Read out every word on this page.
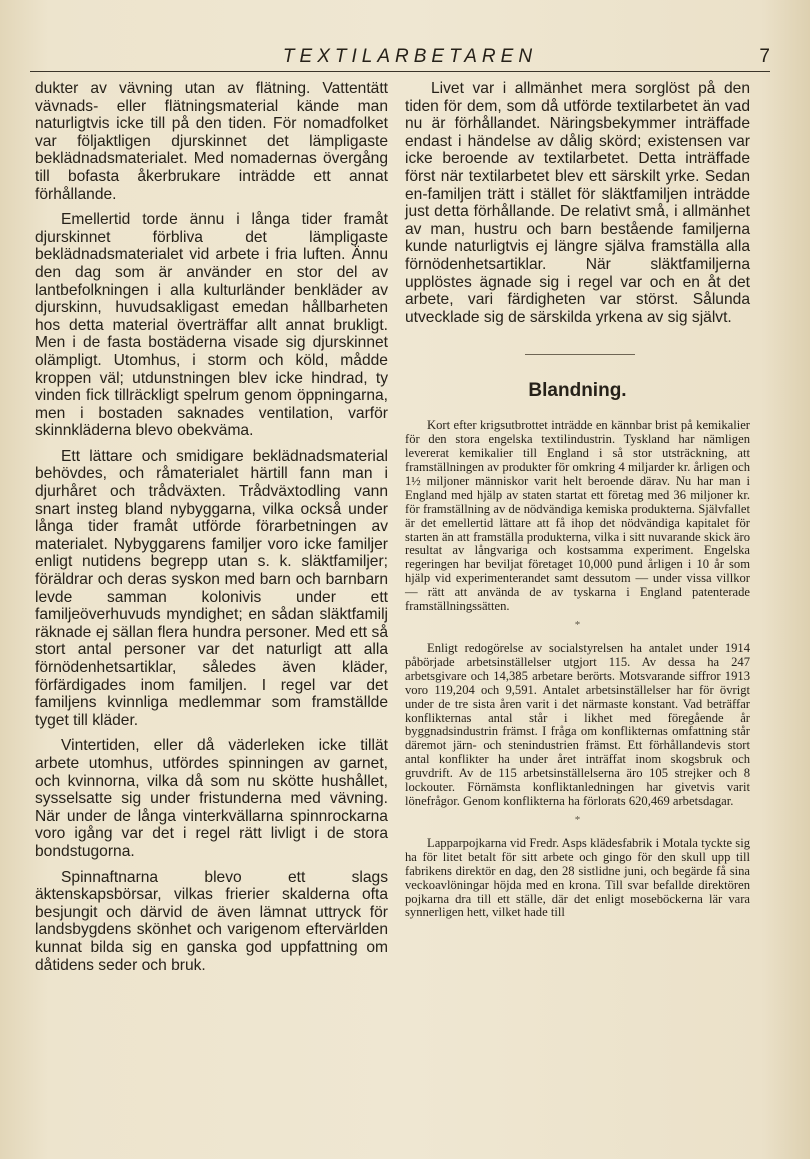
TEXTILARBETAREN	7

dukter av vävning utan av flätning. Vattentätt vävnads- eller flätningsmaterial kände man naturligtvis icke till på den tiden. För nomadfolket var följaktligen djurskinnet det lämpligaste beklädnadsmaterialet. Med nomadernas övergång till bofasta åkerbrukare inträdde ett annat förhållande.

Emellertid torde ännu i långa tider framåt djurskinnet förbliva det lämpligaste beklädnadsmaterialet vid arbete i fria luften. Ännu den dag som är använder en stor del av lantbefolkningen i alla kulturländer benkläder av djurskinn, huvudsakligast emedan hållbarheten hos detta material överträffar allt annat brukligt. Men i de fasta bostäderna visade sig djurskinnet olämpligt. Utomhus, i storm och köld, mådde kroppen väl; utdunstningen blev icke hindrad, ty vinden fick tillräckligt spelrum genom öppningarna, men i bostaden saknades ventilation, varför skinnkläderna blevo obekväma.

Ett lättare och smidigare beklädnadsmaterial behövdes, och råmaterialet härtill fann man i djurhåret och trådväxten. Trådväxtodling vann snart insteg bland nybyggarna, vilka också under långa tider framåt utförde förarbetningen av materialet. Nybyggarens familjer voro icke familjer enligt nutidens begrepp utan s. k. släktfamiljer; föräldrar och deras syskon med barn och barnbarn levde samman kolonivis under ett familjeöverhuvuds myndighet; en sådan släktfamilj räknade ej sällan flera hundra personer. Med ett så stort antal personer var det naturligt att alla förnödenhetsartiklar, således även kläder, förfärdigades inom familjen. I regel var det familjens kvinnliga medlemmar som framställde tyget till kläder.

Vintertiden, eller då väderleken icke tillät arbete utomhus, utfördes spinningen av garnet, och kvinnorna, vilka då som nu skötte hushållet, sysselsatte sig under fristunderna med vävning. När under de långa vinterkvällarna spinnrockarna voro igång var det i regel rätt livligt i de stora bondstugorna.

Spinnaftnarna blevo ett slags äktenskapsbörsar, vilkas frierier skalderna ofta besjungit och därvid de även lämnat uttryck för landsbygdens skönhet och varigenom eftervärlden kunnat bilda sig en ganska god uppfattning om dåtidens seder och bruk.

Livet var i allmänhet mera sorglöst på den tiden för dem, som då utförde textilarbetet än vad nu är förhållandet. Näringsbekymmer inträffade endast i händelse av dålig skörd; existensen var icke beroende av textilarbetet. Detta inträffade först när textilarbetet blev ett särskilt yrke. Sedan en-familjen trätt i stället för släktfamiljen inträdde just detta förhållande. De relativt små, i allmänhet av man, hustru och barn bestående familjerna kunde naturligtvis ej längre själva framställa alla förnödenhetsartiklar. När släktfamiljerna upplöstes ägnade sig i regel var och en åt det arbete, vari färdigheten var störst. Sålunda utvecklade sig de särskilda yrkena av sig självt.

Blandning.

Kort efter krigsutbrottet inträdde en kännbar brist på kemikalier för den stora engelska textilindustrin. Tyskland har nämligen levererat kemikalier till England i så stor utsträckning, att framställningen av produkter för omkring 4 miljarder kr. årligen och 1½ miljoner människor varit helt beroende därav. Nu har man i England med hjälp av staten startat ett företag med 36 miljoner kr. för framställning av de nödvändiga kemiska produkterna. Självfallet är det emellertid lättare att få ihop det nödvändiga kapitalet för starten än att framställa produkterna, vilka i sitt nuvarande skick äro resultat av långvariga och kostsamma experiment. Engelska regeringen har beviljat företaget 10,000 pund årligen i 10 år som hjälp vid experimenterandet samt dessutom — under vissa villkor — rätt att använda de av tyskarna i England patenterade framställningssätten.

*

Enligt redogörelse av socialstyrelsen ha antalet under 1914 påbörjade arbetsinställelser utgjort 115. Av dessa ha 247 arbetsgivare och 14,385 arbetare berörts. Motsvarande siffror 1913 voro 119,204 och 9,591. Antalet arbetsinställelser har för övrigt under de tre sista åren varit i det närmaste konstant. Vad beträffar konflikternas antal står i likhet med föregående år byggnadsindustrin främst. I fråga om konflikternas omfattning står däremot järn- och stenindustrien främst. Ett förhållandevis stort antal konflikter ha under året inträffat inom skogsbruk och gruvdrift. Av de 115 arbetsinställelserna äro 105 strejker och 8 lockouter. Förnämsta konfliktanledningen har givetvis varit lönefrågor. Genom konflikterna ha förlorats 620,469 arbetsdagar.

*

Lapparpojkarna vid Fredr. Asps klädesfabrik i Motala tyckte sig ha för litet betalt för sitt arbete och gingo för den skull upp till fabrikens direktör en dag, den 28 sistlidne juni, och begärde få sina veckoavlöningar höjda med en krona. Till svar befallde direktören pojkarna dra till ett ställe, där det enligt moseböckerna lär vara synnerligen hett, vilket hade till
